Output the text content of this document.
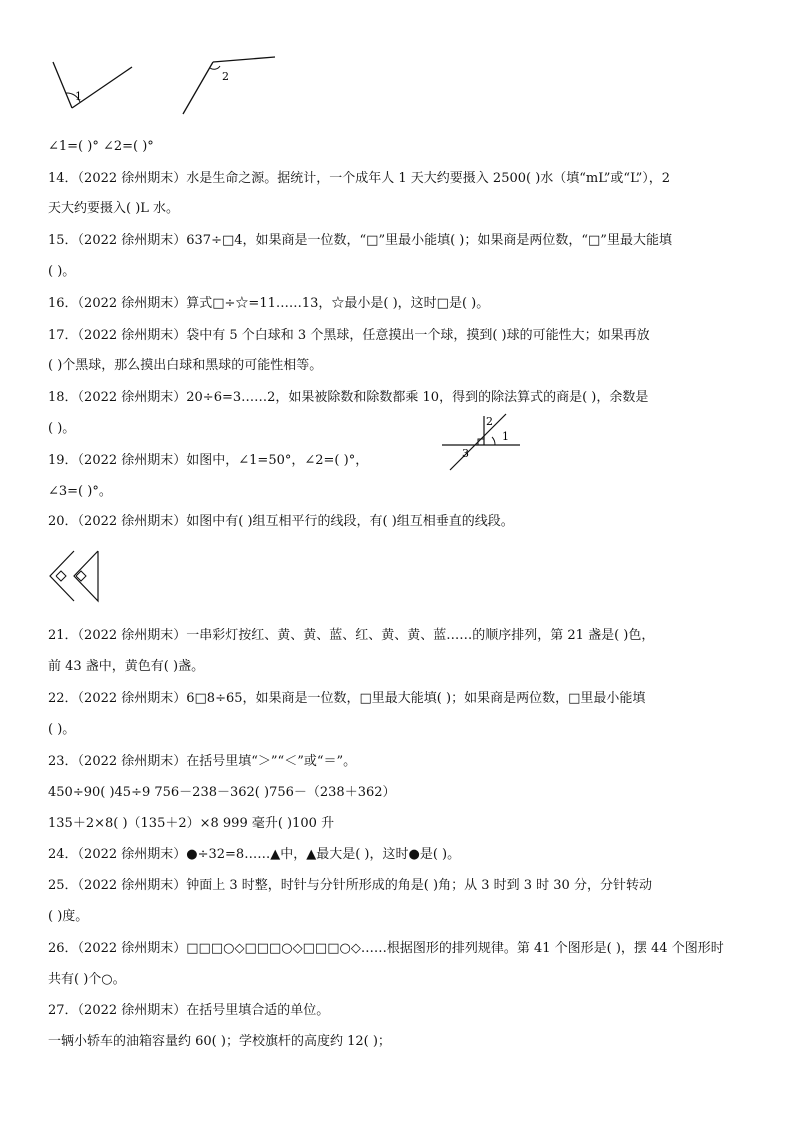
1
2
∠1=( )° ∠2=( )°
14．（2022 徐州期末）水是生命之源。据统计，一个成年人 1 天大约要摄入 2500( )水（填“mL”或“L”），2
天大约要摄入( )L 水。
15．（2022 徐州期末）637÷□4，如果商是一位数，“□”里最小能填( )；如果商是两位数，“□”里最大能填
( )。
16．（2022 徐州期末）算式□÷☆=11……13，☆最小是( )，这时□是( )。
17．（2022 徐州期末）袋中有 5 个白球和 3 个黑球，任意摸出一个球，摸到( )球的可能性大；如果再放
( )个黑球，那么摸出白球和黑球的可能性相等。
18．（2022 徐州期末）20÷6=3……2，如果被除数和除数都乘 10，得到的除法算式的商是( )，余数是
( )。
19．（2022 徐州期末）如图中，∠1=50°，∠2=( )°，
∠3=( )°。
2
1
3
20．（2022 徐州期末）如图中有( )组互相平行的线段，有( )组互相垂直的线段。
21．（2022 徐州期末）一串彩灯按红、黄、黄、蓝、红、黄、黄、蓝……的顺序排列，第 21 盏是( )色，
前 43 盏中，黄色有( )盏。
22．（2022 徐州期末）6□8÷65，如果商是一位数，□里最大能填( )；如果商是两位数，□里最小能填
( )。
23．（2022 徐州期末）在括号里填“＞”“＜”或“＝”。
450÷90( )45÷9 756－238－362( )756－（238＋362）
135＋2×8( )（135＋2）×8 999 毫升( )100 升
24．（2022 徐州期末）●÷32=8……▲中，▲最大是( )，这时●是( )。
25．（2022 徐州期末）钟面上 3 时整，时针与分针所形成的角是( )角；从 3 时到 3 时 30 分，分针转动
( )度。
26．（2022 徐州期末）□□□○◇□□□○◇□□□○◇……根据图形的排列规律。第 41 个图形是( )，摆 44 个图形时
共有( )个○。
27．（2022 徐州期末）在括号里填合适的单位。
一辆小轿车的油箱容量约 60( )；学校旗杆的高度约 12( )；
